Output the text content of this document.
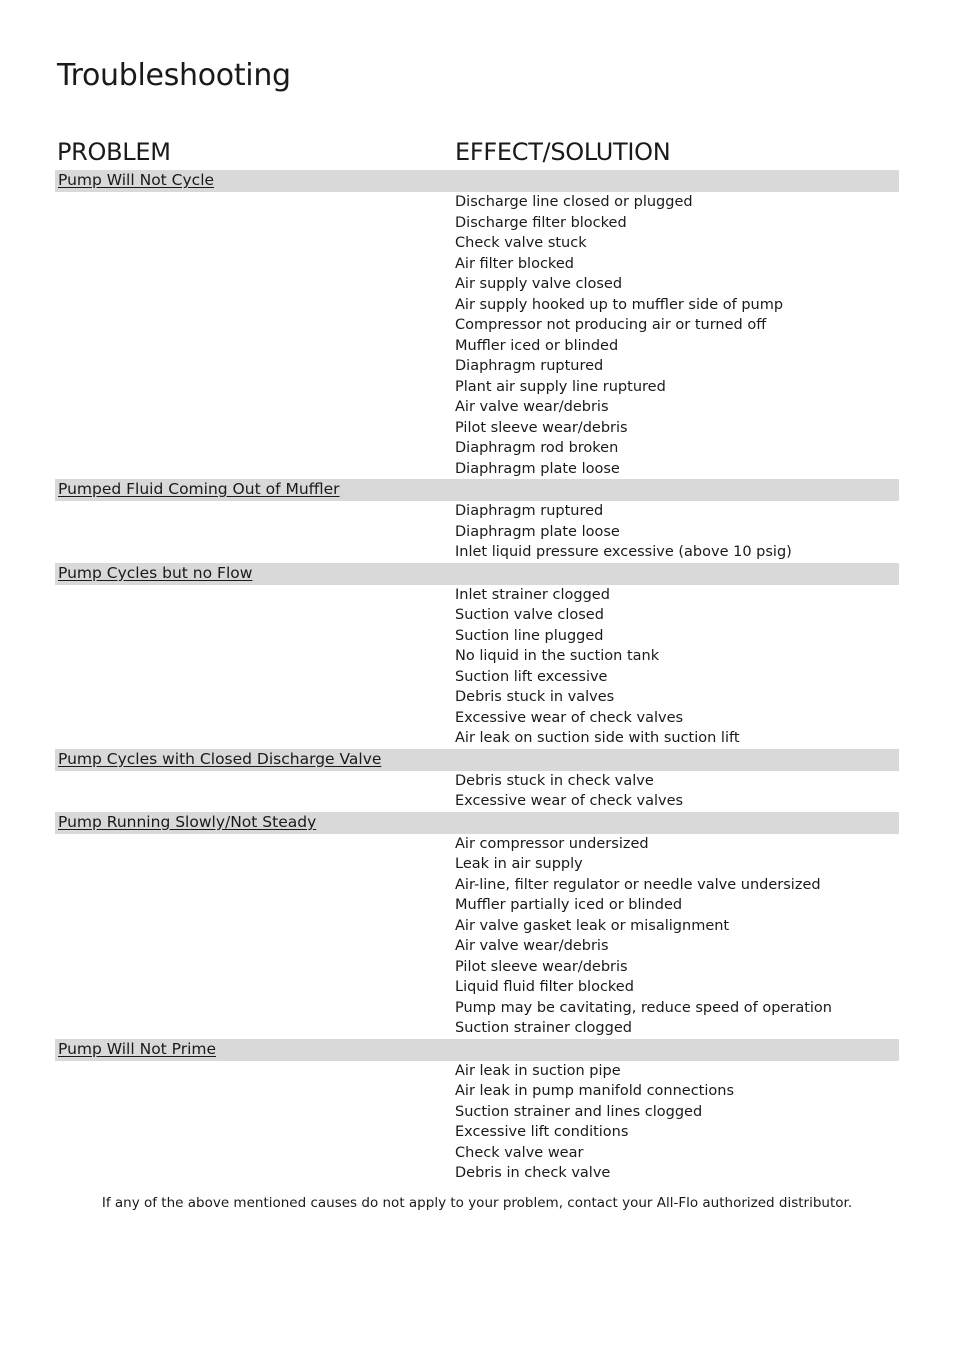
Troubleshooting
PROBLEM	EFFECT/SOLUTION
Pump Will Not Cycle
Discharge line closed or plugged
Discharge filter blocked
Check valve stuck
Air filter blocked
Air supply valve closed
Air supply hooked up to muffler side of pump
Compressor not producing air or turned off
Muffler iced or blinded
Diaphragm ruptured
Plant air supply line ruptured
Air valve wear/debris
Pilot sleeve wear/debris
Diaphragm rod broken
Diaphragm plate loose
Pumped Fluid Coming Out of Muffler
Diaphragm ruptured
Diaphragm plate loose
Inlet liquid pressure excessive (above 10 psig)
Pump Cycles but no Flow
Inlet strainer clogged
Suction valve closed
Suction line plugged
No liquid in the suction tank
Suction lift excessive
Debris stuck in valves
Excessive wear of check valves
Air leak on suction side with suction lift
Pump Cycles with Closed Discharge Valve
Debris stuck in check valve
Excessive wear of check valves
Pump Running Slowly/Not Steady
Air compressor undersized
Leak in air supply
Air-line, filter regulator or needle valve undersized
Muffler partially iced or blinded
Air valve gasket leak or misalignment
Air valve wear/debris
Pilot sleeve wear/debris
Liquid fluid filter blocked
Pump may be cavitating, reduce speed of operation
Suction strainer clogged
Pump Will Not Prime
Air leak in suction pipe
Air leak in pump manifold connections
Suction strainer and lines clogged
Excessive lift conditions
Check valve wear
Debris in check valve
If any of the above mentioned causes do not apply to your problem, contact your All-Flo authorized distributor.
